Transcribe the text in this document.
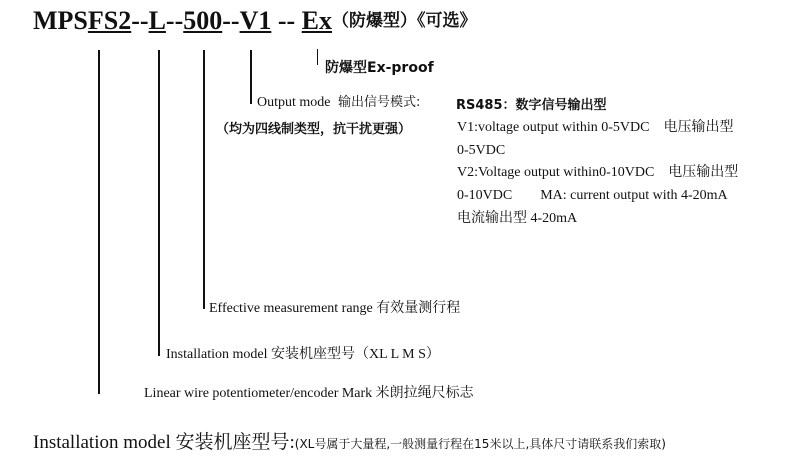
MPSFS2--L--500--V1 -- Ex（防爆型）《可选》
防爆型Ex-proof
Output mode 输出信号模式:
（均为四线制类型，抗干扰更强）
RS485：数字信号输出型
V1:voltage output within 0-5VDC　电压输出型
0-5VDC
V2:Voltage output within0-10VDC　电压输出型
0-10VDC　　MA: current output with 4-20mA
电流输出型 4-20mA
Effective measurement range 有效量测行程
Installation model 安装机座型号（XL L M S）
Linear wire potentiometer/encoder Mark 米朗拉绳尺标志
Installation model 安装机座型号:(XL号属于大量程,一般测量行程在15米以上,具体尺寸请联系我们索取)
